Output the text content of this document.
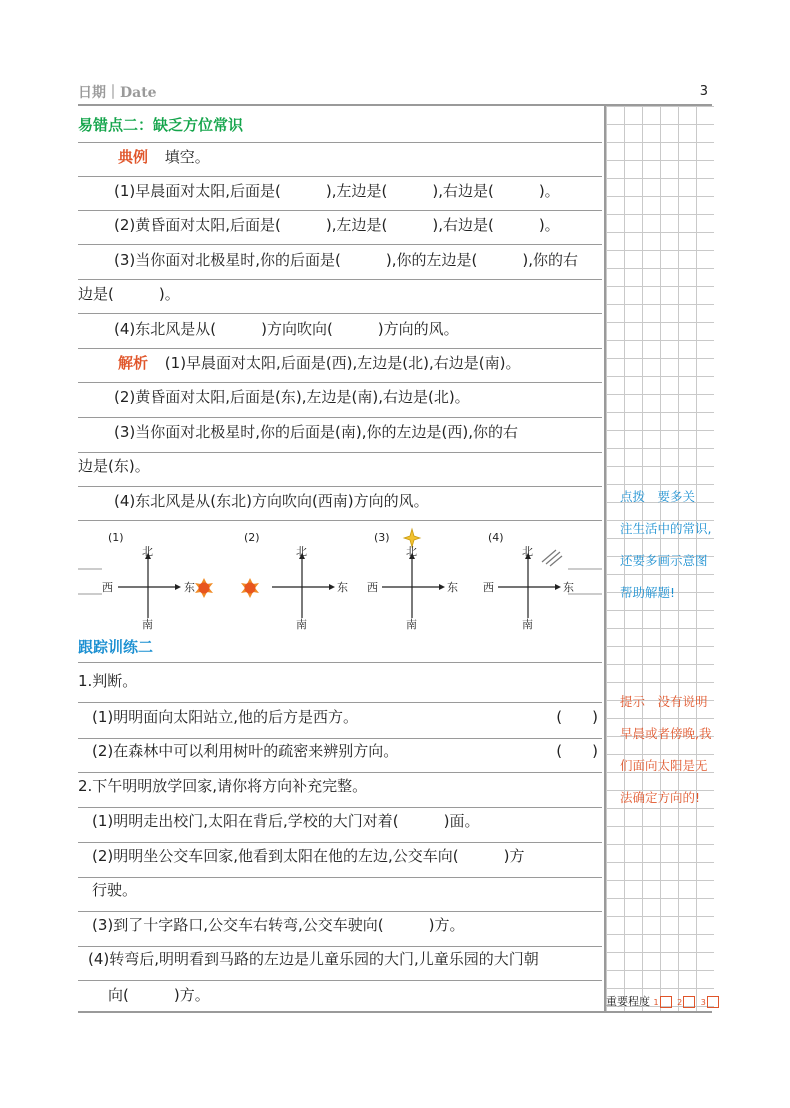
日期｜Date	3
易错点二：缺乏方位常识
典例 填空。
(1)早晨面对太阳,后面是(　　　),左边是(　　　),右边是(　　　)。
(2)黄昏面对太阳,后面是(　　　),左边是(　　　),右边是(　　　)。
(3)当你面对北极星时,你的后面是(　　　),你的左边是(　　　),你的右
边是(　　　)。
(4)东北风是从(　　　)方向吹向(　　　)方向的风。
解析 (1)早晨面对太阳,后面是(西),左边是(北),右边是(南)。
(2)黄昏面对太阳,后面是(东),左边是(南),右边是(北)。
(3)当你面对北极星时,你的后面是(南),你的左边是(西),你的右
边是(东)。
(4)东北风是从(东北)方向吹向(西南)方向的风。
(1)
北
南
西	东
(2)
北
南
东
(3)
北
南
西	东
(4)
北
南
西	东
跟踪训练二
1.判断。
(1)明明面向太阳站立,他的后方是西方。	(　　)
(2)在森林中可以利用树叶的疏密来辨别方向。	(　　)
2.下午明明放学回家,请你将方向补充完整。
(1)明明走出校门,太阳在背后,学校的大门对着(　　　)面。
(2)明明坐公交车回家,他看到太阳在他的左边,公交车向(　　　)方
行驶。
(3)到了十字路口,公交车右转弯,公交车驶向(　　　)方。
(4)转弯后,明明看到马路的左边是儿童乐园的大门,儿童乐园的大门朝
向(　　　)方。
点拨　要多关
注生活中的常识,
还要多画示意图
帮助解题!
提示　没有说明
早晨或者傍晚,我
们面向太阳是无
法确定方向的!
重要程度 1 2 3
